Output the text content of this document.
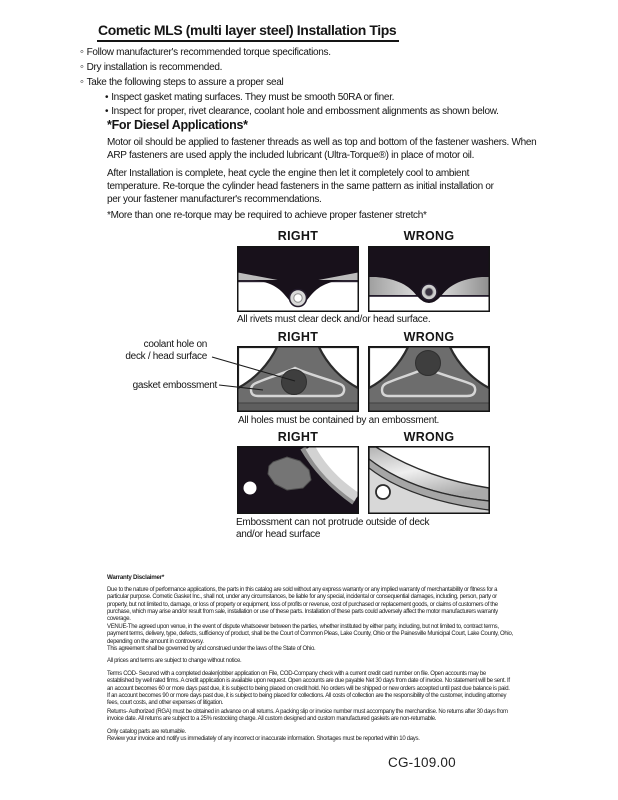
Cometic MLS (multi layer steel) Installation Tips
◦
Follow manufacturer's recommended torque specifications.
◦
Dry installation is recommended.
◦
Take the following steps to assure a proper seal
•
Inspect gasket mating surfaces. They must be smooth 50RA or finer.
•
Inspect for proper, rivet clearance, coolant hole and embossment alignments as shown below.
*For Diesel Applications*
Motor oil should be applied to fastener threads as well as top and bottom of the fastener washers. When ARP fasteners are used apply the included lubricant (Ultra-Torque®) in place of motor oil.
After Installation is complete, heat cycle the engine then let it completely cool to ambient temperature. Re-torque the cylinder head fasteners in the same pattern as initial installation or per your fastener manufacturer's recommendations.
*More than one re-torque may be required to achieve proper fastener stretch*
RIGHT	WRONG
All rivets must clear deck and/or head surface.
RIGHT	WRONG
coolant hole on
deck / head surface
gasket embossment
All holes must be contained by an embossment.
RIGHT	WRONG
Embossment can not protrude outside of deck
and/or head surface
Warranty Disclaimer*
Due to the nature of performance applications, the parts in this catalog are sold without any express warranty or any implied warranty of merchantability or fitness for a particular purpose. Cometic Gasket Inc., shall not, under any circumstances, be liable for any special, incidental or consequential damages, including, person, party or property, but not limited to, damage, or loss of property or equipment, loss of profits or revenue, cost of purchased or replacement goods, or claims of customers of the purchase, which may arise and/or result from sale, installation or use of these parts. Installation of these parts could adversely affect the motor manufacturers warranty coverage.
VENUE-The agreed upon venue, in the event of dispute whatsoever between the parties, whether instituted by either party, including, but not limited to, contract terms, payment terms, delivery, type, defects, sufficiency of product, shall be the Court of Common Pleas, Lake County, Ohio or the Painesville Municipal Court, Lake County, Ohio, depending on the amount in controversy.
This agreement shall be governed by and construed under the laws of the State of Ohio.
All prices and terms are subject to change without notice.
Terms COD- Secured with a completed dealer/jobber application on File, COD-Company check with a current credit card number on file. Open accounts may be established by well rated firms. A credit application is available upon request. Open accounts are due payable Net 30 days from date of invoice. No statement will be sent. If an account becomes 60 or more days past due, it is subject to being placed on credit hold. No orders will be shipped or new orders accepted until past due balance is paid. If an account becomes 90 or more days past due, it is subject to being placed for collections. All costs of collection are the responsibility of the customer, including attorney fees, court costs, and other expenses of litigation.
Returns- Authorized (RGA) must be obtained in advance on all returns. A packing slip or invoice number must accompany the merchandise. No returns after 30 days from invoice date. All returns are subject to a 25% restocking charge. All custom designed and custom manufactured gaskets are non-returnable.
Only catalog parts are returnable.
Review your invoice and notify us immediately of any incorrect or inaccurate information. Shortages must be reported within 10 days.
CG-109.00
